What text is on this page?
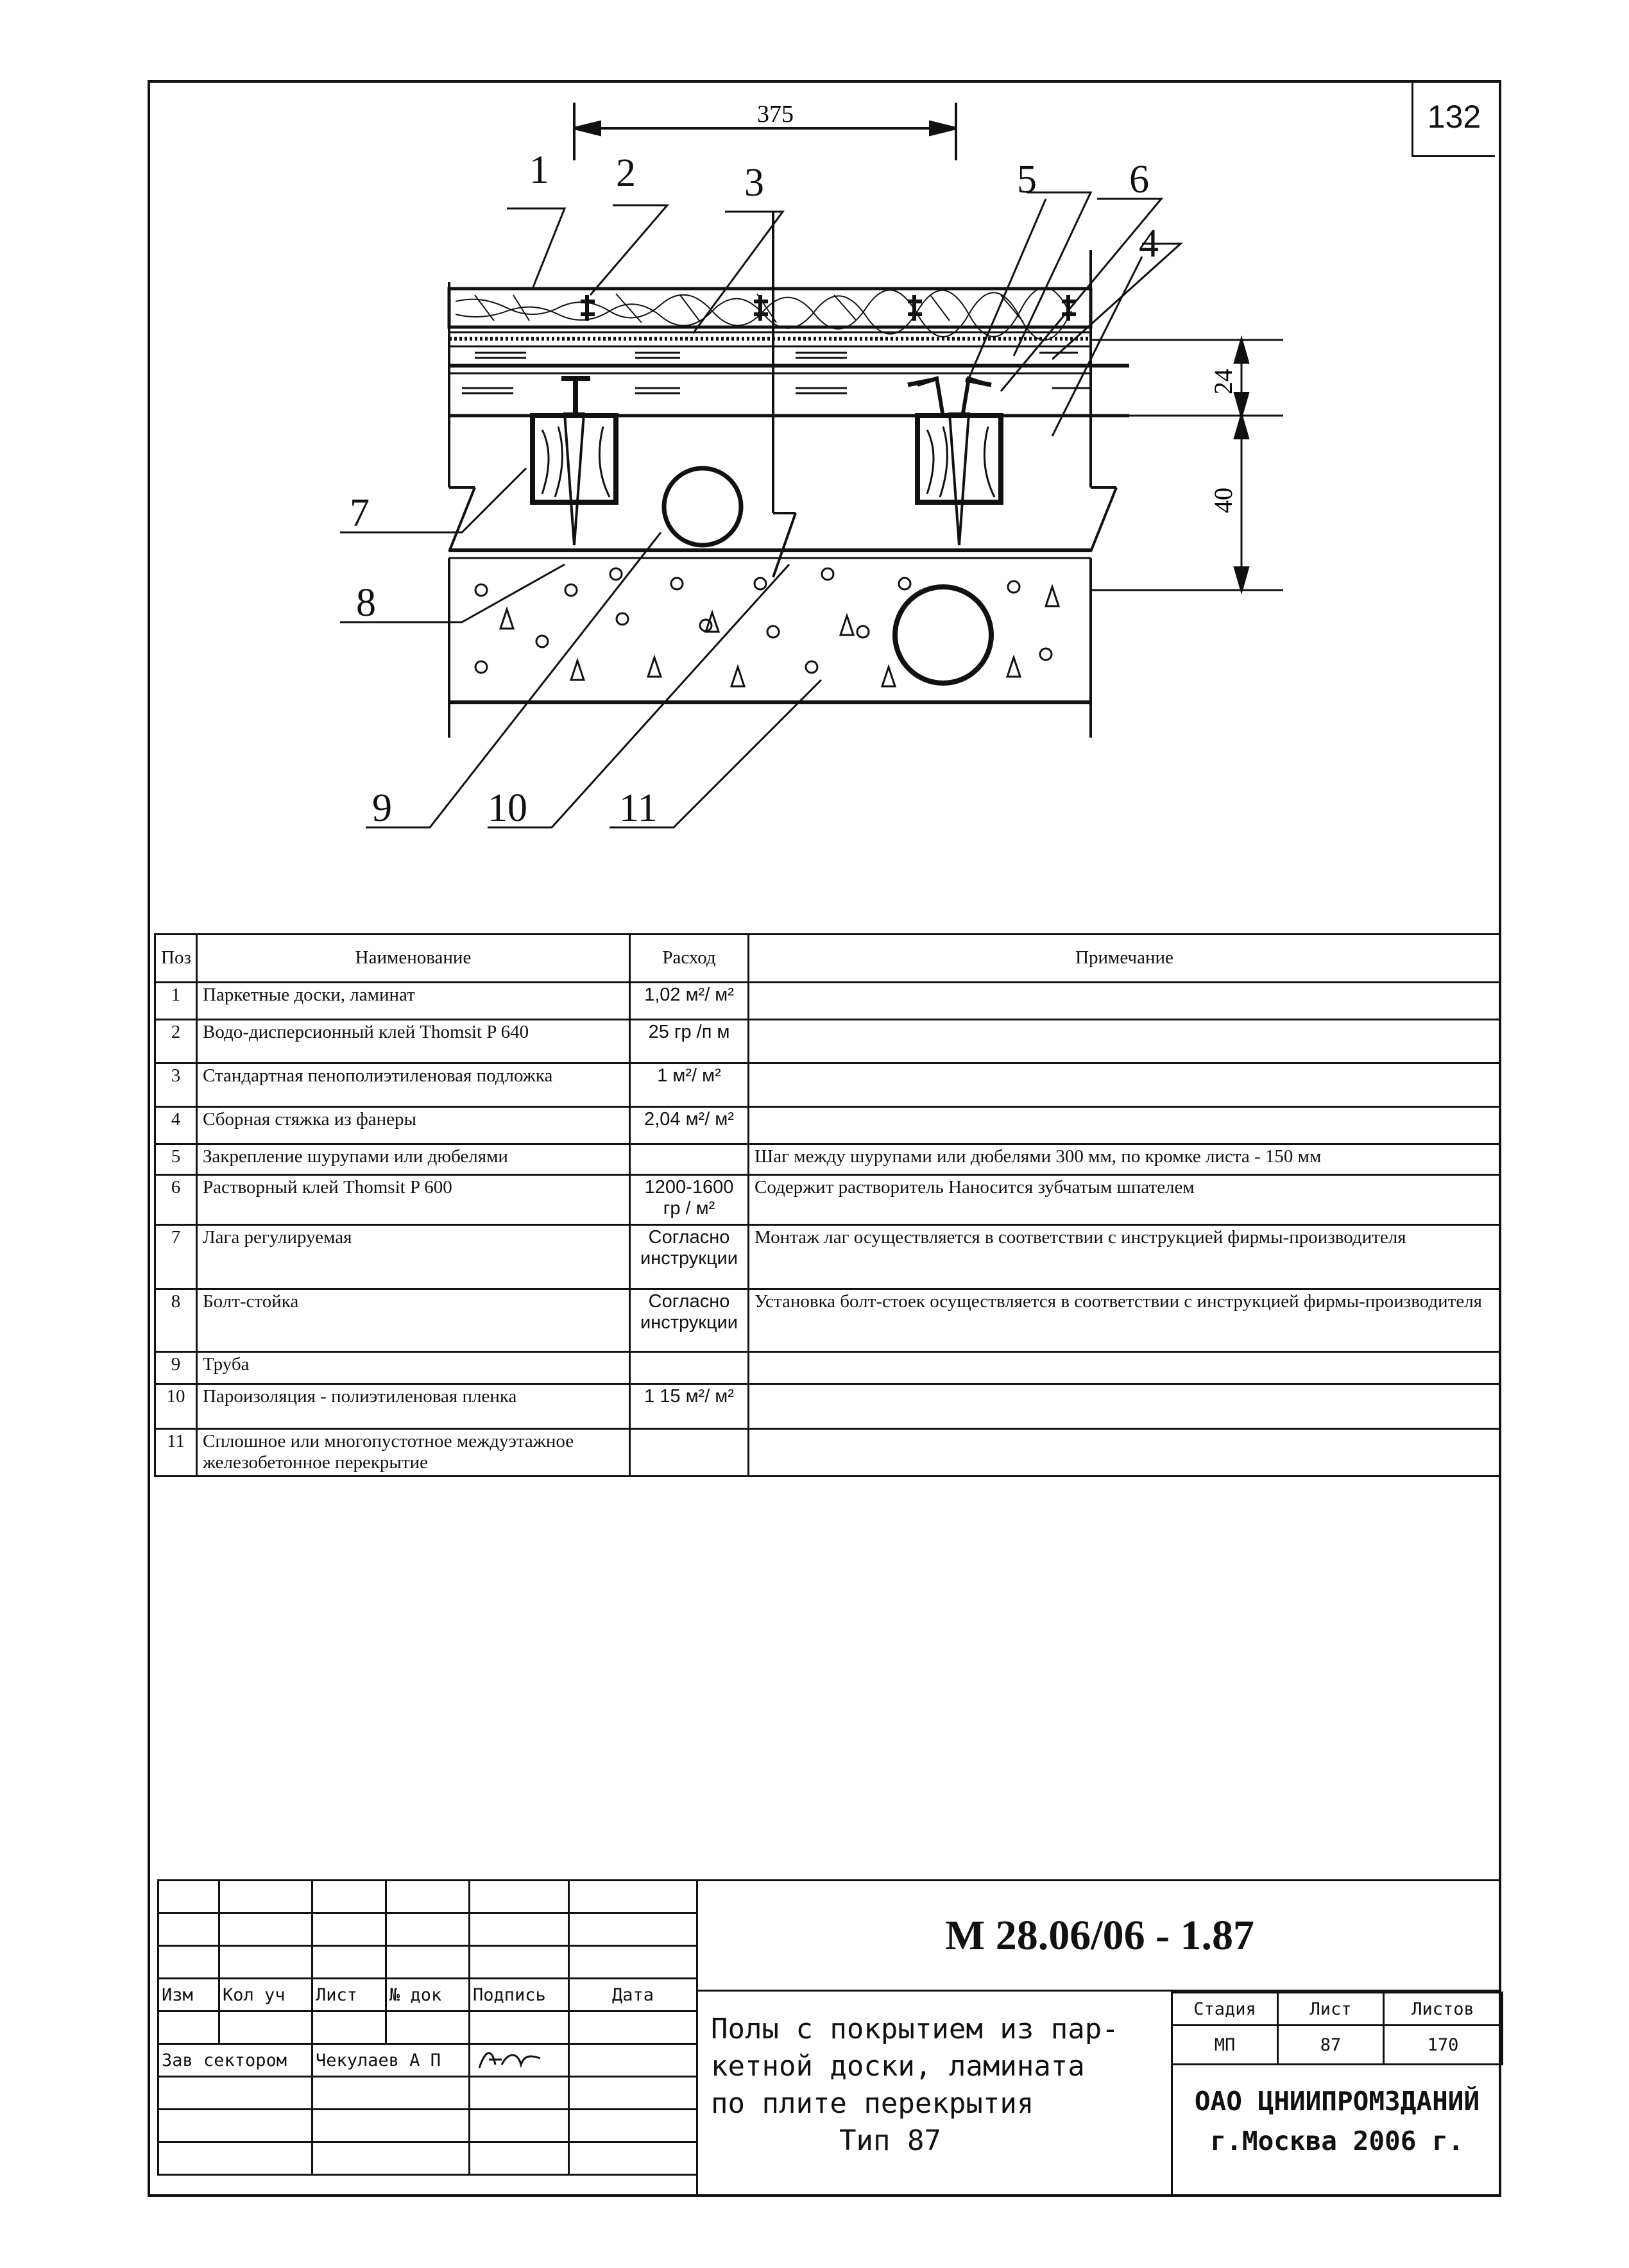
132
1 2	3	5 6
4
7
8
9 10 11
375
24
40
Поз	Наименование	Расход	Примечание
1	Паркетные доски, ламинат	1,02 м²/ м²	
2	Водо-дисперсионный клей Thomsit P 640	25 гр /п м	
3	Стандартная пенополиэтиленовая подложка	1 м²/ м²	
4	Сборная стяжка из фанеры	2,04 м²/ м²	
5	Закрепление шурупами или дюбелями		Шаг между шурупами или дюбелями 300 мм, по кромке листа - 150 мм
6	Растворный клей Thomsit P 600	1200-1600 гр / м²	Содержит растворитель Наносится зубчатым шпателем
7	Лага регулируемая	Согласно инструкции	Монтаж лаг осуществляется в соответствии с инструкцией фирмы-производителя
8	Болт-стойка	Согласно инструкции	Установка болт-стоек осуществляется в соответствии с инструкцией фирмы-производителя
9	Труба		
10	Пароизоляция - полиэтиленовая пленка	1 15 м²/ м²	
11	Сплошное или многопустотное междуэтажное железобетонное перекрытие		

Изм	Кол уч	Лист	№ док	Подпись	Дата

Зав сектором		Чекулаев А П		

М 28.06/06 - 1.87
Полы с покрытием из пар-
кетной доски, ламината
по плите перекрытия
Тип 87
Стадия	Лист	Листов
МП	87	170
ОАО ЦНИИПРОМЗДАНИЙ
г.Москва 2006 г.
